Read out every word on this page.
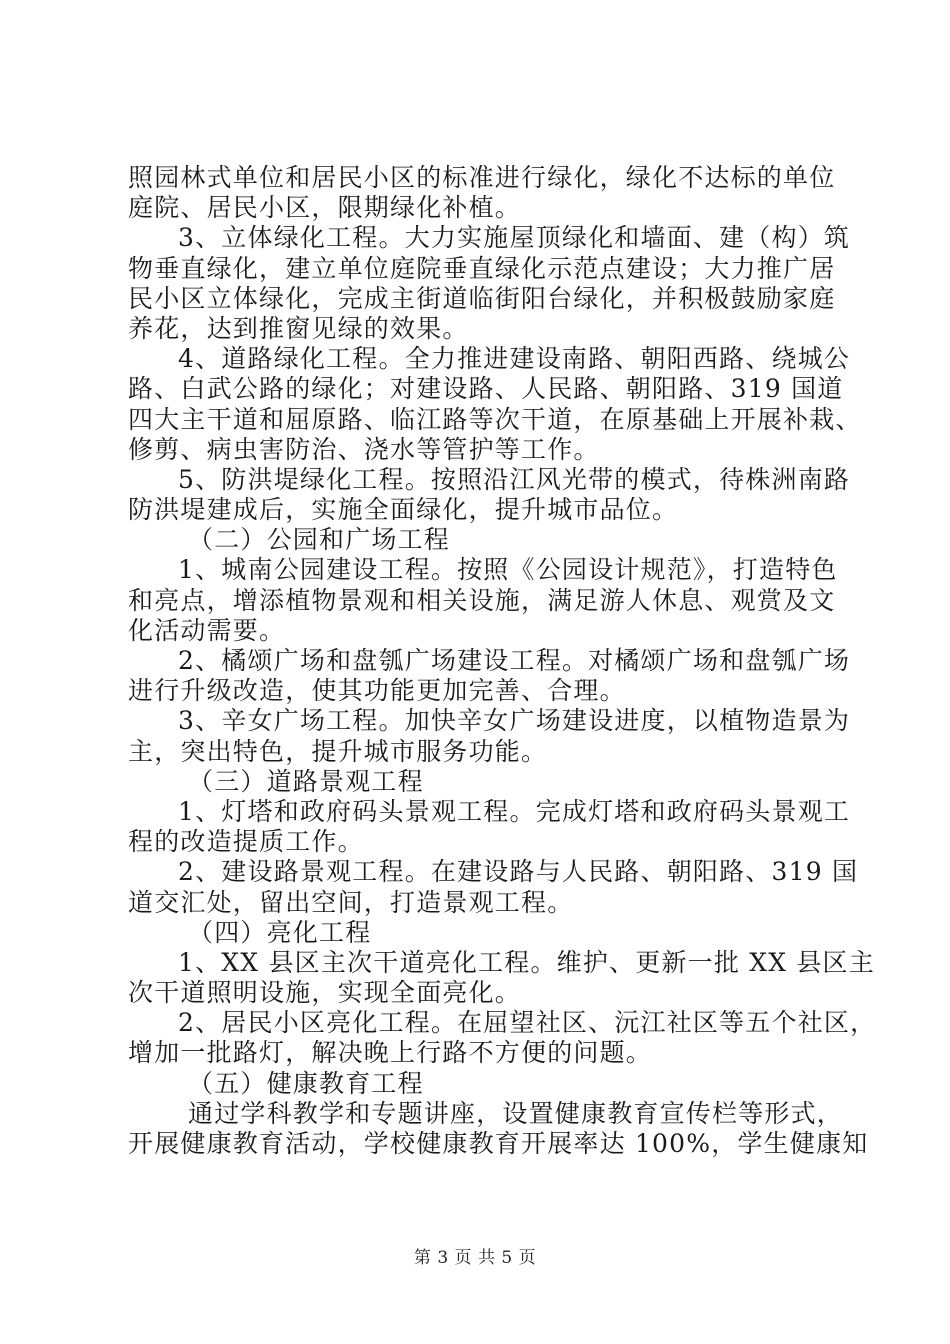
照园林式单位和居民小区的标准进行绿化，绿化不达标的单位
庭院、居民小区，限期绿化补植。
3、立体绿化工程。大力实施屋顶绿化和墙面、建（构）筑
物垂直绿化，建立单位庭院垂直绿化示范点建设；大力推广居
民小区立体绿化，完成主街道临街阳台绿化，并积极鼓励家庭
养花，达到推窗见绿的效果。
4、道路绿化工程。全力推进建设南路、朝阳西路、绕城公
路、白武公路的绿化；对建设路、人民路、朝阳路、319 国道
四大主干道和屈原路、临江路等次干道，在原基础上开展补栽、
修剪、病虫害防治、浇水等管护等工作。
5、防洪堤绿化工程。按照沿江风光带的模式，待株洲南路
防洪堤建成后，实施全面绿化，提升城市品位。
（二）公园和广场工程
1、城南公园建设工程。按照《公园设计规范》，打造特色
和亮点，增添植物景观和相关设施，满足游人休息、观赏及文
化活动需要。
2、橘颂广场和盘瓠广场建设工程。对橘颂广场和盘瓠广场
进行升级改造，使其功能更加完善、合理。
3、辛女广场工程。加快辛女广场建设进度，以植物造景为
主，突出特色，提升城市服务功能。
（三）道路景观工程
1、灯塔和政府码头景观工程。完成灯塔和政府码头景观工
程的改造提质工作。
2、建设路景观工程。在建设路与人民路、朝阳路、319 国
道交汇处，留出空间，打造景观工程。
（四）亮化工程
1、XX 县区主次干道亮化工程。维护、更新一批 XX 县区主
次干道照明设施，实现全面亮化。
2、居民小区亮化工程。在屈望社区、沅江社区等五个社区，
增加一批路灯，解决晚上行路不方便的问题。
（五）健康教育工程
通过学科教学和专题讲座，设置健康教育宣传栏等形式，
开展健康教育活动，学校健康教育开展率达 100%，学生健康知
第 3 页 共 5 页
